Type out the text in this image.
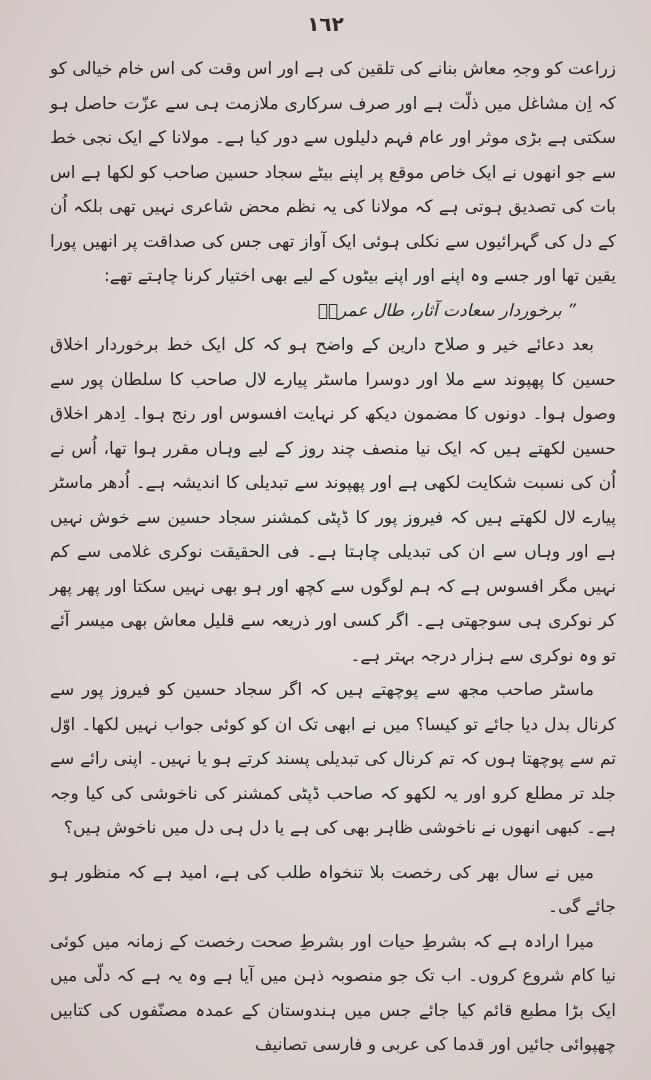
١٦٢

زراعت کو وجہِ معاش بنانے کی تلقین کی ہے اور اس وقت کی اس خام خیالی کو کہ اِن مشاغل میں ذلّت ہے اور صرف سرکاری ملازمت ہی سے عزّت حاصل ہو سکتی ہے بڑی موثر اور عام فہم دلیلوں سے دور کیا ہے۔ مولانا کے ایک نجی خط سے جو انھوں نے ایک خاص موقع پر اپنے بیٹے سجاد حسین صاحب کو لکھا ہے اس بات کی تصدیق ہوتی ہے کہ مولانا کی یہ نظم محض شاعری نہیں تھی بلکہ اُن کے دل کی گہرائیوں سے نکلی ہوئی ایک آواز تھی جس کی صداقت پر انھیں پورا یقین تھا اور جسے وہ اپنے اور اپنے بیٹوں کے لیے بھی اختیار کرنا چاہتے تھے:

” برخوردار سعادت آثار، طال عمرہٗ

بعد دعائے خیر و صلاح دارین کے واضح ہو کہ کل ایک خط برخوردار اخلاق حسین کا پھپوند سے ملا اور دوسرا ماسٹر پیارے لال صاحب کا سلطان پور سے وصول ہوا۔ دونوں کا مضمون دیکھ کر نہایت افسوس اور رنج ہوا۔ اِدھر اخلاق حسین لکھتے ہیں کہ ایک نیا منصف چند روز کے لیے وہاں مقرر ہوا تھا، اُس نے اُن کی نسبت شکایت لکھی ہے اور پھپوند سے تبدیلی کا اندیشہ ہے۔ اُدھر ماسٹر پیارے لال لکھتے ہیں کہ فیروز پور کا ڈپٹی کمشنر سجاد حسین سے خوش نہیں ہے اور وہاں سے ان کی تبدیلی چاہتا ہے۔ فی الحقیقت نوکری غلامی سے کم نہیں مگر افسوس ہے کہ ہم لوگوں سے کچھ اور ہو بھی نہیں سکتا اور پھر پھر کر نوکری ہی سوجھتی ہے۔ اگر کسی اور ذریعہ سے قلیل معاش بھی میسر آئے تو وہ نوکری سے ہزار درجہ بہتر ہے۔

ماسٹر صاحب مجھ سے پوچھتے ہیں کہ اگر سجاد حسین کو فیروز پور سے کرنال بدل دیا جائے تو کیسا؟ میں نے ابھی تک ان کو کوئی جواب نہیں لکھا۔ اوّل تم سے پوچھتا ہوں کہ تم کرنال کی تبدیلی پسند کرتے ہو یا نہیں۔ اپنی رائے سے جلد تر مطلع کرو اور یہ لکھو کہ صاحب ڈپٹی کمشنر کی ناخوشی کی کیا وجہ ہے۔ کبھی انھوں نے ناخوشی ظاہر بھی کی ہے یا دل ہی دل میں ناخوش ہیں؟

میں نے سال بھر کی رخصت بلا تنخواہ طلب کی ہے، امید ہے کہ منظور ہو جائے گی۔

میرا ارادہ ہے کہ بشرطِ حیات اور بشرطِ صحت رخصت کے زمانہ میں کوئی نیا کام شروع کروں۔ اب تک جو منصوبہ ذہن میں آیا ہے وہ یہ ہے کہ دلّی میں ایک بڑا مطبع قائم کیا جائے جس میں ہندوستان کے عمدہ مصنّفوں کی کتابیں چھپوائی جائیں اور قدما کی عربی و فارسی تصانیف
